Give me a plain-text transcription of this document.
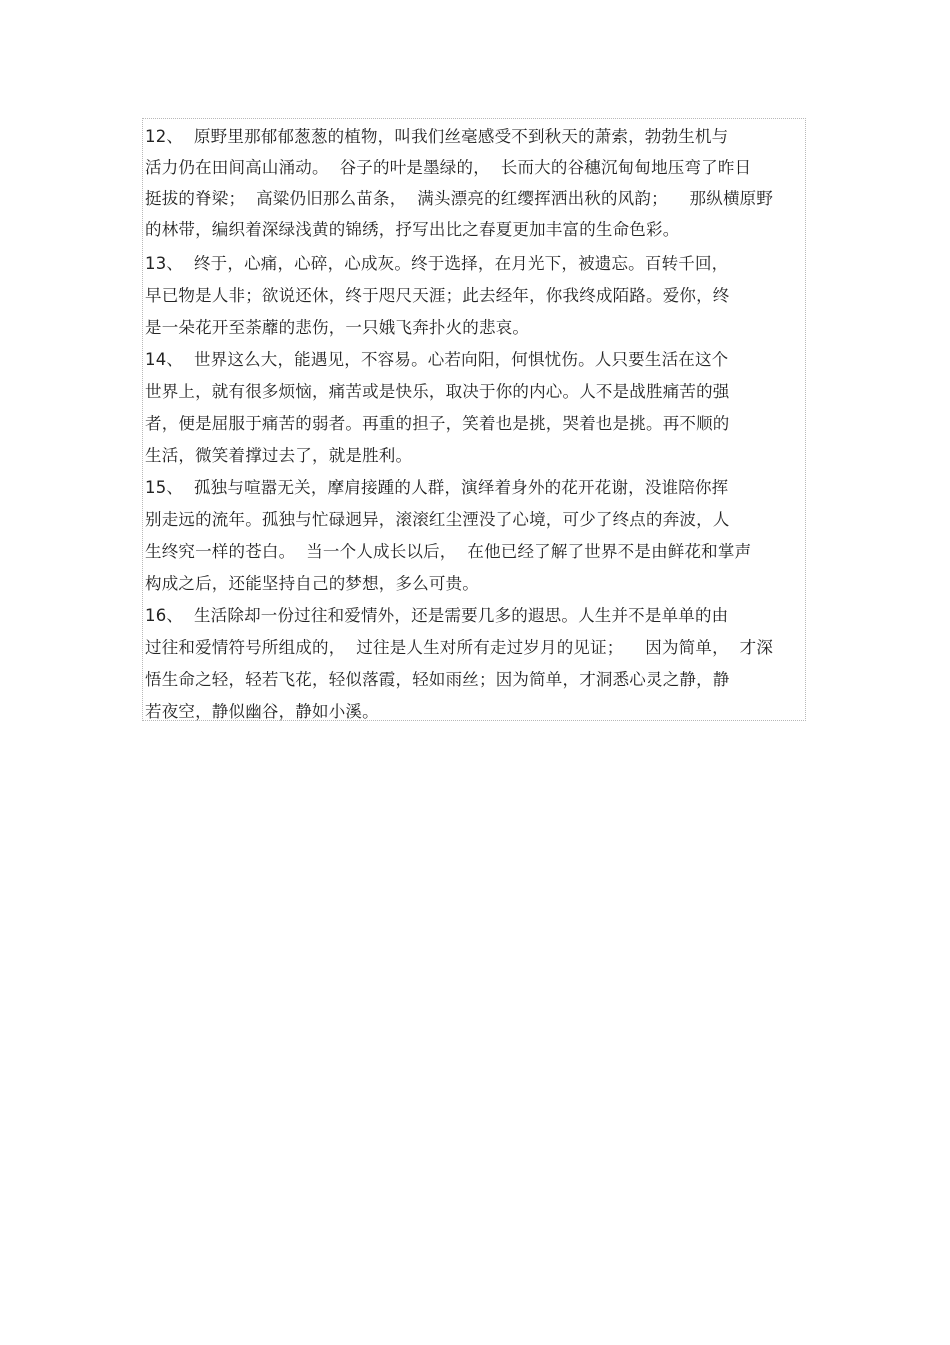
12、  原野里那郁郁葱葱的植物，叫我们丝毫感受不到秋天的萧索，勃勃生机与
活力仍在田间高山涌动。  谷子的叶是墨绿的，  长而大的谷穗沉甸甸地压弯了昨日
挺拔的脊梁；  高粱仍旧那么苗条，  满头漂亮的红缨挥洒出秋的风韵；    那纵横原野
的林带，编织着深绿浅黄的锦绣，抒写出比之春夏更加丰富的生命色彩。
13、  终于，心痛，心碎，心成灰。终于选择，在月光下，被遗忘。百转千回，
早已物是人非；欲说还休，终于咫尺天涯；此去经年，你我终成陌路。爱你，终
是一朵花开至荼蘼的悲伤，一只娥飞奔扑火的悲哀。
14、  世界这么大，能遇见，不容易。心若向阳，何惧忧伤。人只要生活在这个
世界上，就有很多烦恼，痛苦或是快乐，取决于你的内心。人不是战胜痛苦的强
者，便是屈服于痛苦的弱者。再重的担子，笑着也是挑，哭着也是挑。再不顺的
生活，微笑着撑过去了，就是胜利。
15、  孤独与喧嚣无关，摩肩接踵的人群，演绎着身外的花开花谢，没谁陪你挥
别走远的流年。孤独与忙碌迥异，滚滚红尘湮没了心境，可少了终点的奔波，人
生终究一样的苍白。  当一个人成长以后，  在他已经了解了世界不是由鲜花和掌声
构成之后，还能坚持自己的梦想，多么可贵。
16、  生活除却一份过往和爱情外，还是需要几多的遐思。人生并不是单单的由
过往和爱情符号所组成的，  过往是人生对所有走过岁月的见证；    因为简单，  才深
悟生命之轻，轻若飞花，轻似落霞，轻如雨丝；因为简单，才洞悉心灵之静，静
若夜空，静似幽谷，静如小溪。
